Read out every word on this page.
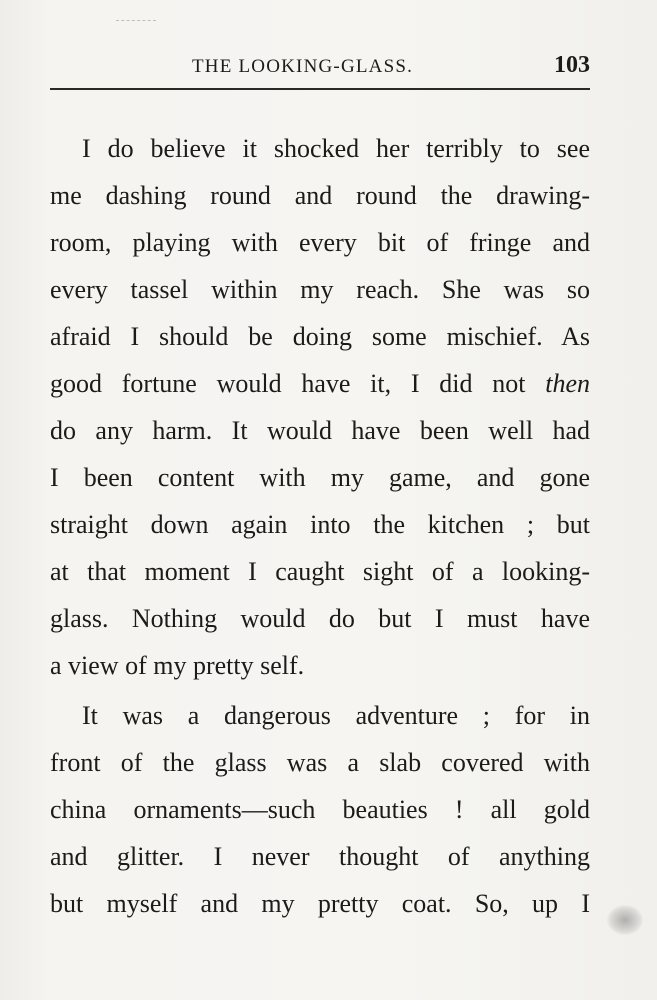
THE LOOKING-GLASS.	103
I do believe it shocked her terribly to see
me dashing round and round the drawing-
room, playing with every bit of fringe and
every tassel within my reach. She was so
afraid I should be doing some mischief. As
good fortune would have it, I did not then
do any harm. It would have been well had
I been content with my game, and gone
straight down again into the kitchen ; but
at that moment I caught sight of a looking-
glass. Nothing would do but I must have
a view of my pretty self.
It was a dangerous adventure ; for in
front of the glass was a slab covered with
china ornaments—such beauties ! all gold
and glitter. I never thought of anything
but myself and my pretty coat. So, up I
